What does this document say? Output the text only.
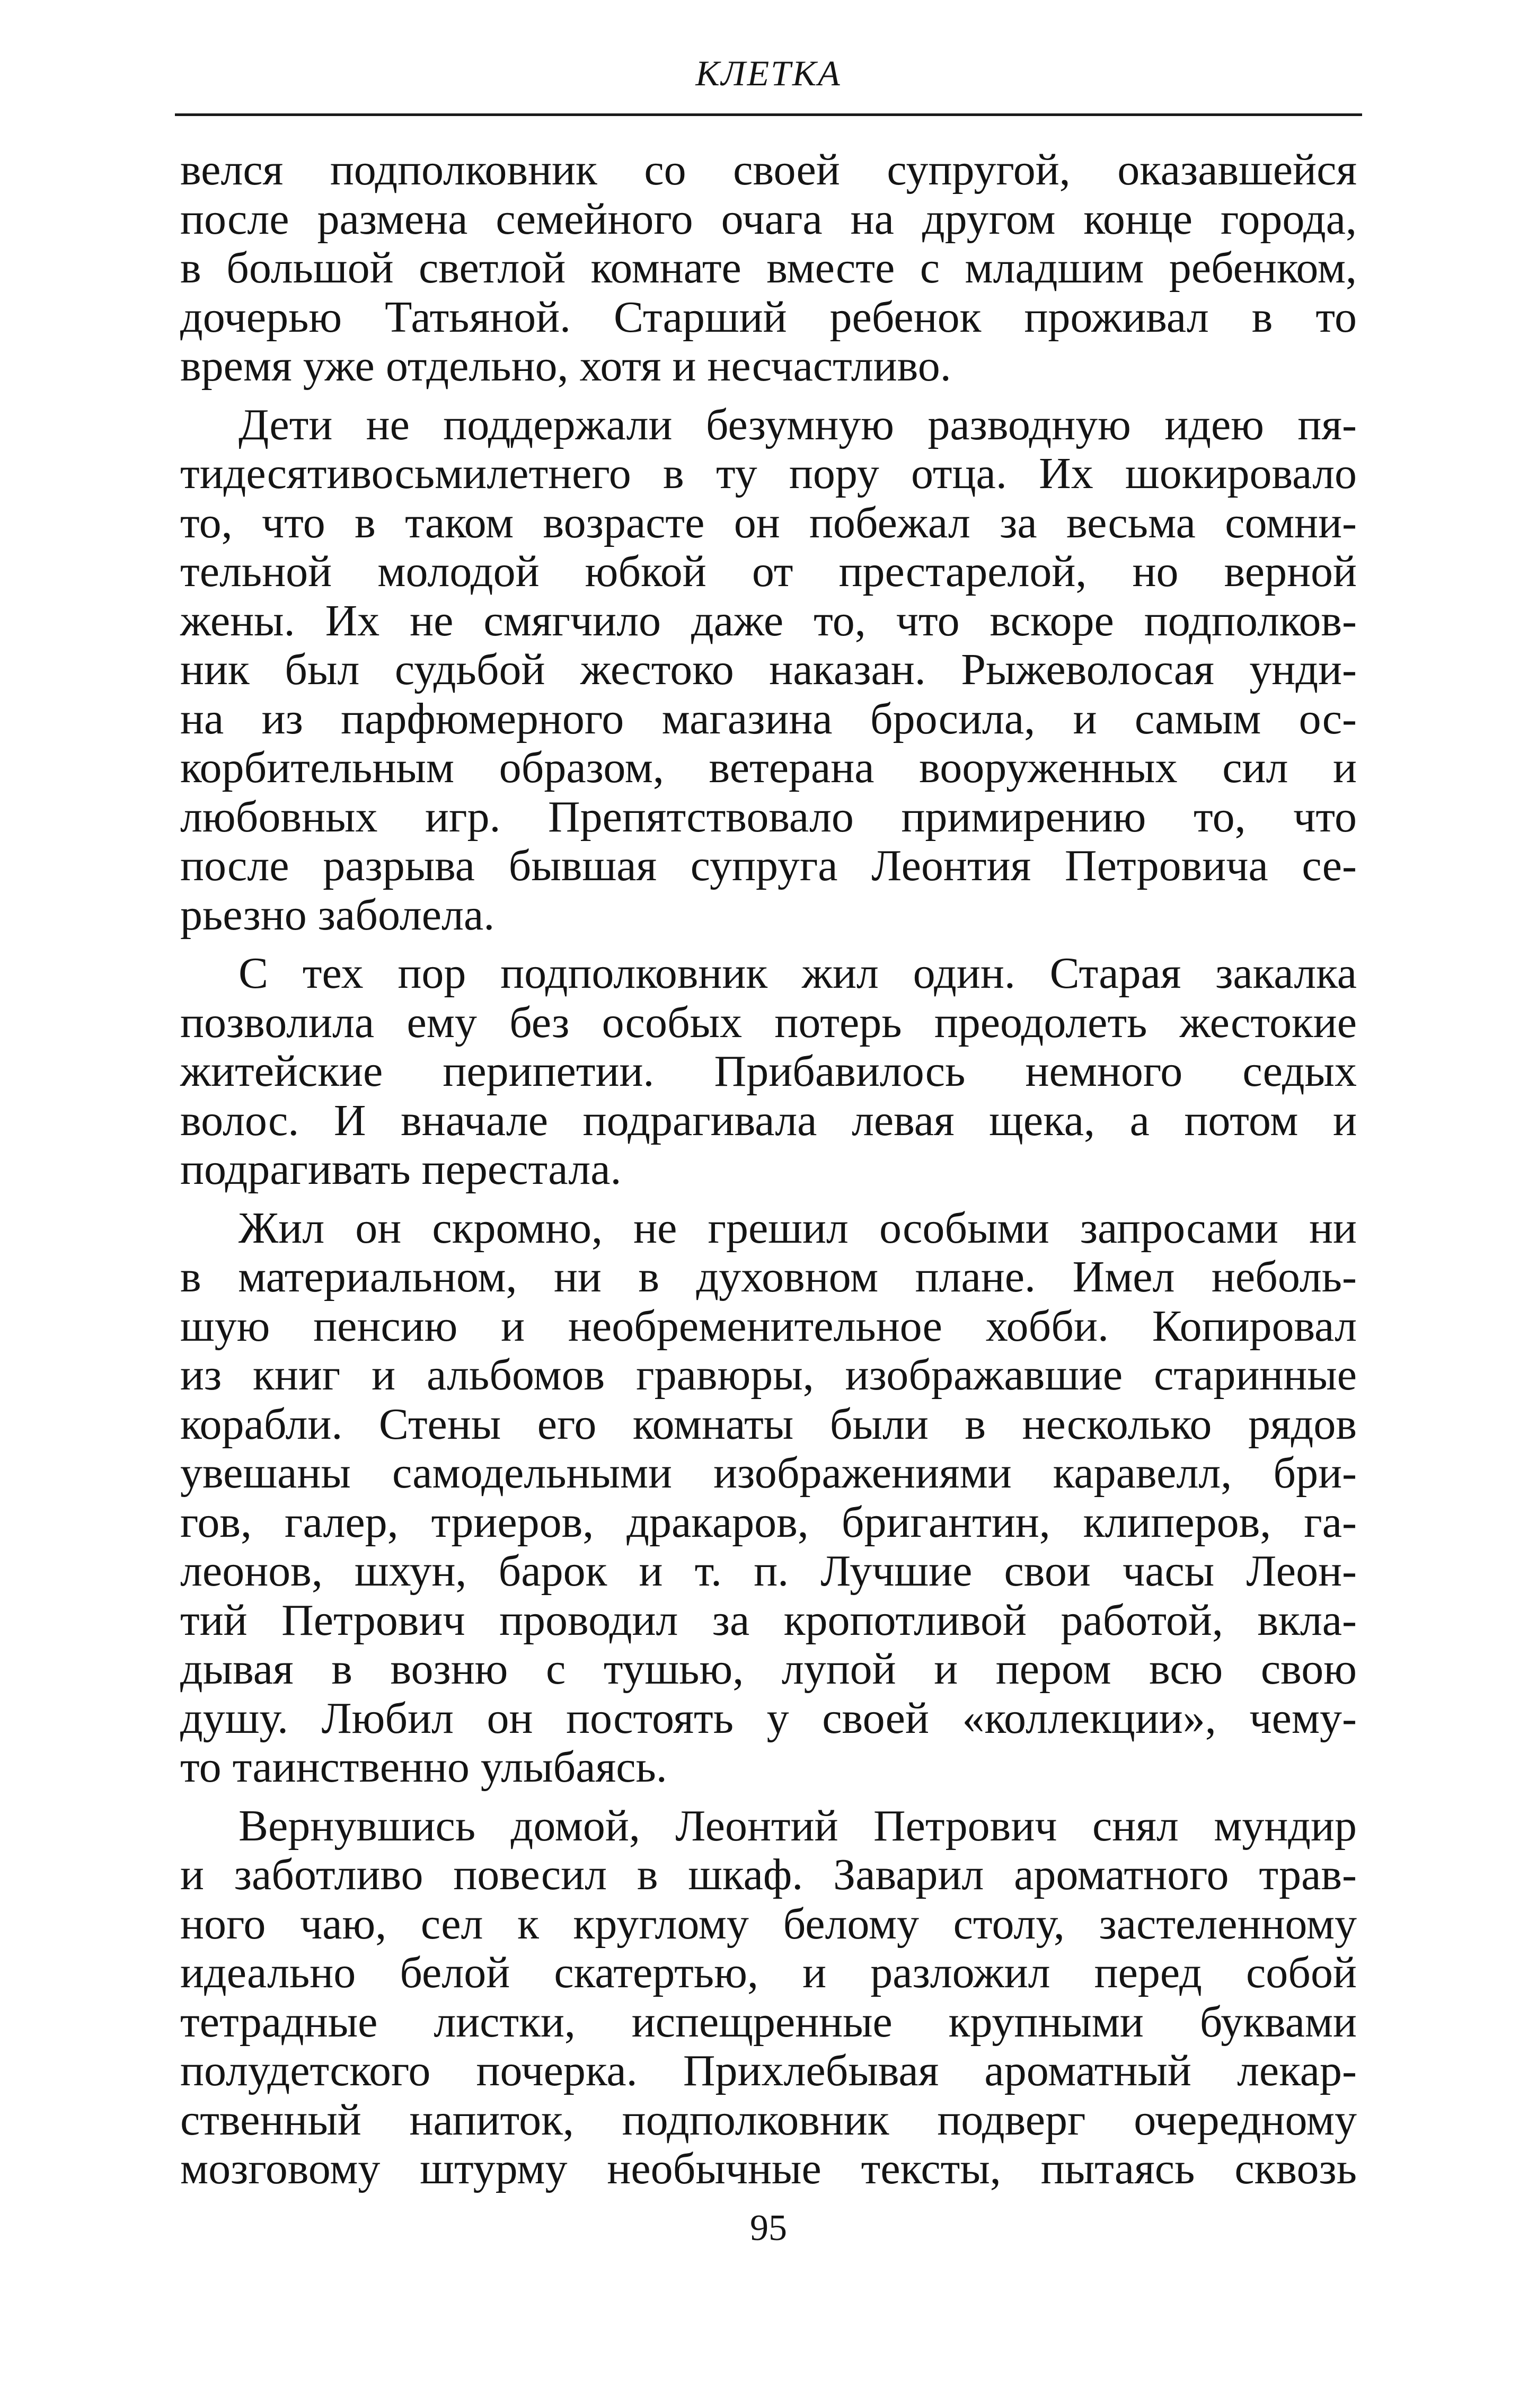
КЛЕТКА
велся подполковник со своей супругой, оказавшейся
после размена семейного очага на другом конце города,
в большой светлой комнате вместе с младшим ребенком,
дочерью Татьяной. Старший ребенок проживал в то
время уже отдельно, хотя и несчастливо.
Дети не поддержали безумную разводную идею пя-
тидесятивосьмилетнего в ту пору отца. Их шокировало
то, что в таком возрасте он побежал за весьма сомни-
тельной молодой юбкой от престарелой, но верной
жены. Их не смягчило даже то, что вскоре подполков-
ник был судьбой жестоко наказан. Рыжеволосая унди-
на из парфюмерного магазина бросила, и самым ос-
корбительным образом, ветерана вооруженных сил и
любовных игр. Препятствовало примирению то, что
после разрыва бывшая супруга Леонтия Петровича се-
рьезно заболела.
С тех пор подполковник жил один. Старая закалка
позволила ему без особых потерь преодолеть жестокие
житейские перипетии. Прибавилось немного седых
волос. И вначале подрагивала левая щека, а потом и
подрагивать перестала.
Жил он скромно, не грешил особыми запросами ни
в материальном, ни в духовном плане. Имел неболь-
шую пенсию и необременительное хобби. Копировал
из книг и альбомов гравюры, изображавшие старинные
корабли. Стены его комнаты были в несколько рядов
увешаны самодельными изображениями каравелл, бри-
гов, галер, триеров, дракаров, бригантин, клиперов, га-
леонов, шхун, барок и т. п. Лучшие свои часы Леон-
тий Петрович проводил за кропотливой работой, вкла-
дывая в возню с тушью, лупой и пером всю свою
душу. Любил он постоять у своей «коллекции», чему-
то таинственно улыбаясь.
Вернувшись домой, Леонтий Петрович снял мундир
и заботливо повесил в шкаф. Заварил ароматного трав-
ного чаю, сел к круглому белому столу, застеленному
идеально белой скатертью, и разложил перед собой
тетрадные листки, испещренные крупными буквами
полудетского почерка. Прихлебывая ароматный лекар-
ственный напиток, подполковник подверг очередному
мозговому штурму необычные тексты, пытаясь сквозь
95
